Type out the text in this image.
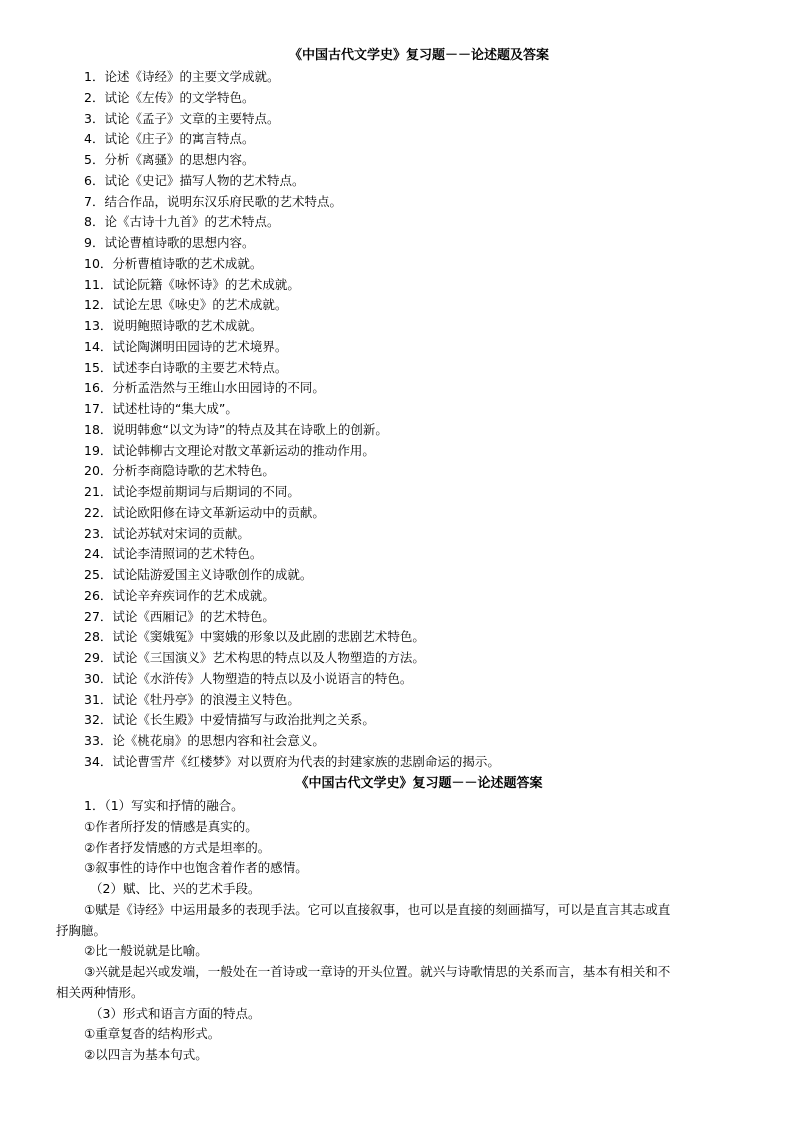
《中国古代文学史》复习题－－论述题及答案
1．论述《诗经》的主要文学成就。
2．试论《左传》的文学特色。
3．试论《孟子》文章的主要特点。
4．试论《庄子》的寓言特点。
5．分析《离骚》的思想内容。
6．试论《史记》描写人物的艺术特点。
7．结合作品，说明东汉乐府民歌的艺术特点。
8．论《古诗十九首》的艺术特点。
9．试论曹植诗歌的思想内容。
10．分析曹植诗歌的艺术成就。
11．试论阮籍《咏怀诗》的艺术成就。
12．试论左思《咏史》的艺术成就。
13．说明鲍照诗歌的艺术成就。
14．试论陶渊明田园诗的艺术境界。
15．试述李白诗歌的主要艺术特点。
16．分析孟浩然与王维山水田园诗的不同。
17．试述杜诗的“集大成”。
18．说明韩愈“以文为诗”的特点及其在诗歌上的创新。
19．试论韩柳古文理论对散文革新运动的推动作用。
20．分析李商隐诗歌的艺术特色。
21．试论李煜前期词与后期词的不同。
22．试论欧阳修在诗文革新运动中的贡献。
23．试论苏轼对宋词的贡献。
24．试论李清照词的艺术特色。
25．试论陆游爱国主义诗歌创作的成就。
26．试论辛弃疾词作的艺术成就。
27．试论《西厢记》的艺术特色。
28．试论《窦娥冤》中窦娥的形象以及此剧的悲剧艺术特色。
29．试论《三国演义》艺术构思的特点以及人物塑造的方法。
30．试论《水浒传》人物塑造的特点以及小说语言的特色。
31．试论《牡丹亭》的浪漫主义特色。
32．试论《长生殿》中爱情描写与政治批判之关系。
33．论《桃花扇》的思想内容和社会意义。
34．试论曹雪芹《红楼梦》对以贾府为代表的封建家族的悲剧命运的揭示。
《中国古代文学史》复习题－－论述题答案
1．（1）写实和抒情的融合。
①作者所抒发的情感是真实的。
②作者抒发情感的方式是坦率的。
③叙事性的诗作中也饱含着作者的感情。
（2）赋、比、兴的艺术手段。
①赋是《诗经》中运用最多的表现手法。它可以直接叙事，也可以是直接的刻画描写，可以是直言其志或直
抒胸臆。
②比一般说就是比喻。
③兴就是起兴或发端，一般处在一首诗或一章诗的开头位置。就兴与诗歌情思的关系而言，基本有相关和不
相关两种情形。
（3）形式和语言方面的特点。
①重章复沓的结构形式。
②以四言为基本句式。
